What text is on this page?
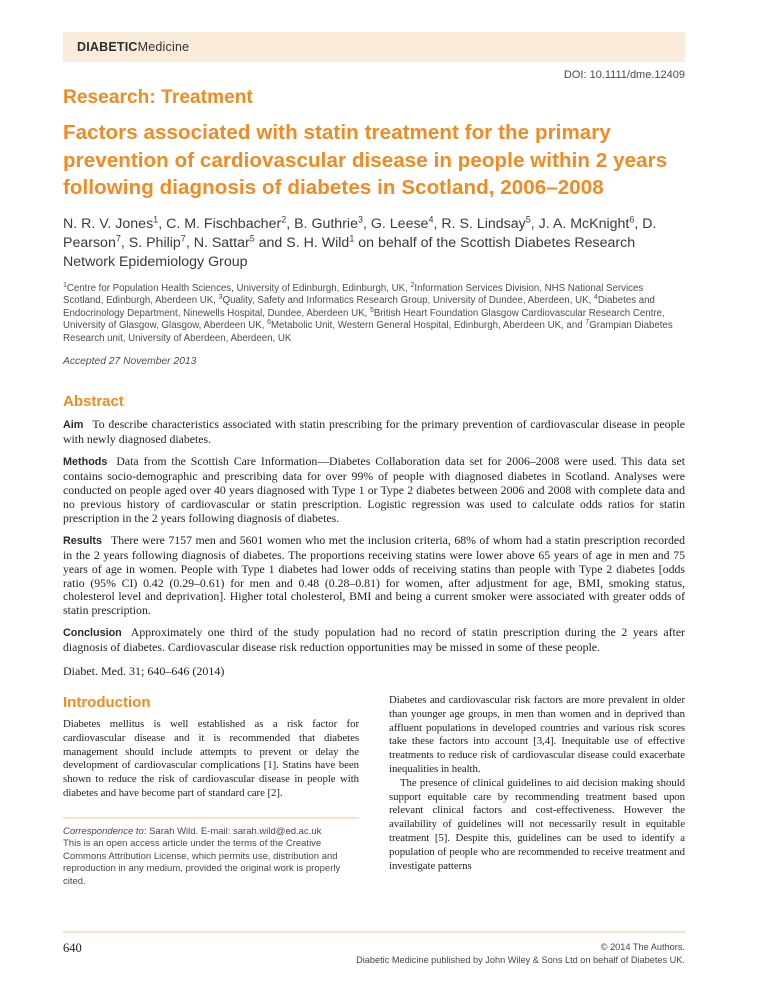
DIABETICMedicine
DOI: 10.1111/dme.12409
Research: Treatment
Factors associated with statin treatment for the primary prevention of cardiovascular disease in people within 2 years following diagnosis of diabetes in Scotland, 2006–2008
N. R. V. Jones$^1$, C. M. Fischbacher$^2$, B. Guthrie$^3$, G. Leese$^4$, R. S. Lindsay$^5$, J. A. McKnight$^6$, D. Pearson$^7$, S. Philip$^7$, N. Sattar$^5$ and S. H. Wild$^1$ on behalf of the Scottish Diabetes Research Network Epidemiology Group
$^1$Centre for Population Health Sciences, University of Edinburgh, Edinburgh, UK, $^2$Information Services Division, NHS National Services Scotland, Edinburgh, Aberdeen UK, $^3$Quality, Safety and Informatics Research Group, University of Dundee, Aberdeen, UK, $^4$Diabetes and Endocrinology Department, Ninewells Hospital, Dundee, Aberdeen UK, $^5$British Heart Foundation Glasgow Cardiovascular Research Centre, University of Glasgow, Glasgow, Aberdeen UK, $^6$Metabolic Unit, Western General Hospital, Edinburgh, Aberdeen UK, and $^7$Grampian Diabetes Research unit, University of Aberdeen, Aberdeen, UK
Accepted 27 November 2013
Abstract

Aim To describe characteristics associated with statin prescribing for the primary prevention of cardiovascular disease in people with newly diagnosed diabetes.

Methods Data from the Scottish Care Information—Diabetes Collaboration data set for 2006–2008 were used. This data set contains socio-demographic and prescribing data for over 99% of people with diagnosed diabetes in Scotland. Analyses were conducted on people aged over 40 years diagnosed with Type 1 or Type 2 diabetes between 2006 and 2008 with complete data and no previous history of cardiovascular or statin prescription. Logistic regression was used to calculate odds ratios for statin prescription in the 2 years following diagnosis of diabetes.

Results There were 7157 men and 5601 women who met the inclusion criteria, 68% of whom had a statin prescription recorded in the 2 years following diagnosis of diabetes. The proportions receiving statins were lower above 65 years of age in men and 75 years of age in women. People with Type 1 diabetes had lower odds of receiving statins than people with Type 2 diabetes [odds ratio (95% CI) 0.42 (0.29–0.61) for men and 0.48 (0.28–0.81) for women, after adjustment for age, BMI, smoking status, cholesterol level and deprivation]. Higher total cholesterol, BMI and being a current smoker were associated with greater odds of statin prescription.

Conclusion Approximately one third of the study population had no record of statin prescription during the 2 years after diagnosis of diabetes. Cardiovascular disease risk reduction opportunities may be missed in some of these people.

Diabet. Med. 31; 640–646 (2014)
Introduction

Diabetes mellitus is well established as a risk factor for cardiovascular disease and it is recommended that diabetes management should include attempts to prevent or delay the development of cardiovascular complications [1]. Statins have been shown to reduce the risk of cardiovascular disease in people with diabetes and have become part of standard care [2].

Correspondence to: Sarah Wild. E-mail: sarah.wild@ed.ac.uk
This is an open access article under the terms of the Creative Commons Attribution License, which permits use, distribution and reproduction in any medium, provided the original work is properly cited.

Diabetes and cardiovascular risk factors are more prevalent in older than younger age groups, in men than women and in deprived than affluent populations in developed countries and various risk scores take these factors into account [3,4]. Inequitable use of effective treatments to reduce risk of cardiovascular disease could exacerbate inequalities in health.

The presence of clinical guidelines to aid decision making should support equitable care by recommending treatment based upon relevant clinical factors and cost-effectiveness. However the availability of guidelines will not necessarily result in equitable treatment [5]. Despite this, guidelines can be used to identify a population of people who are recommended to receive treatment and investigate patterns

640	© 2014 The Authors.
Diabetic Medicine published by John Wiley & Sons Ltd on behalf of Diabetes UK.
